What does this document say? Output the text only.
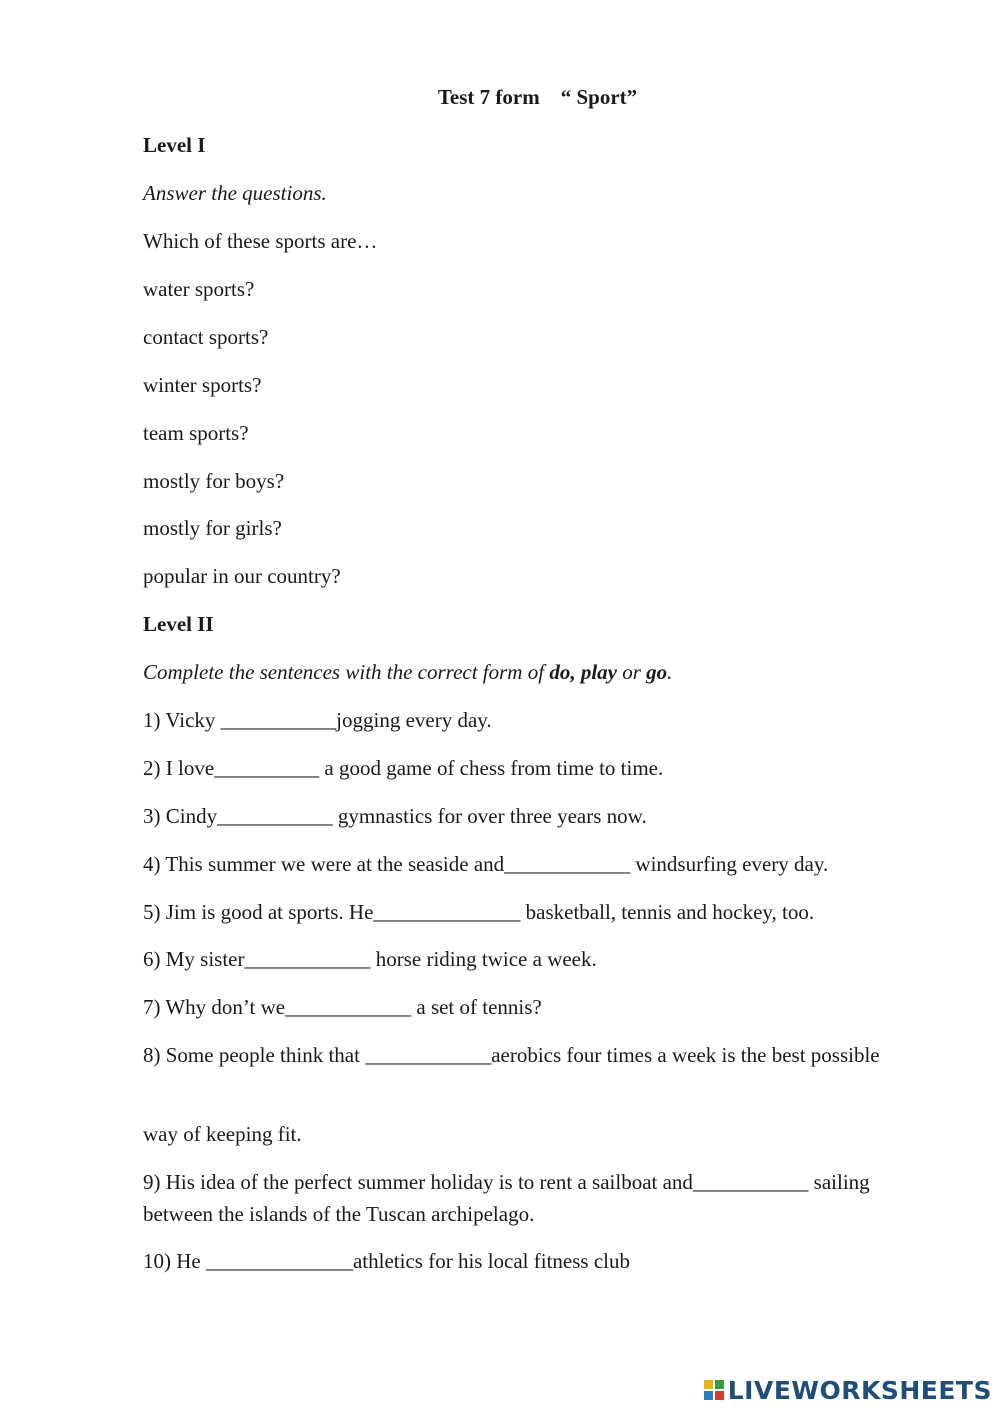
Test 7 form    “ Sport”
Level I
Answer the questions.
Which of these sports are…
water sports?
contact sports?
winter sports?
team sports?
mostly for boys?
mostly for girls?
popular in our country?
Level II
Complete the sentences with the correct form of do, play or go.
1) Vicky ___________jogging every day.
2) I love__________ a good game of chess from time to time.
3) Cindy___________ gymnastics for over three years now.
4) This summer we were at the seaside and____________ windsurfing every day.
5) Jim is good at sports. He______________ basketball, tennis and hockey, too.
6) My sister____________ horse riding twice a week.
7) Why don’t we____________ a set of tennis?
8) Some people think that ____________aerobics four times a week is the best possible
way of keeping fit.
9) His idea of the perfect summer holiday is to rent a sailboat and___________ sailing between the islands of the Tuscan archipelago.
10) He ______________athletics for his local fitness club
LIVEWORKSHEETS
